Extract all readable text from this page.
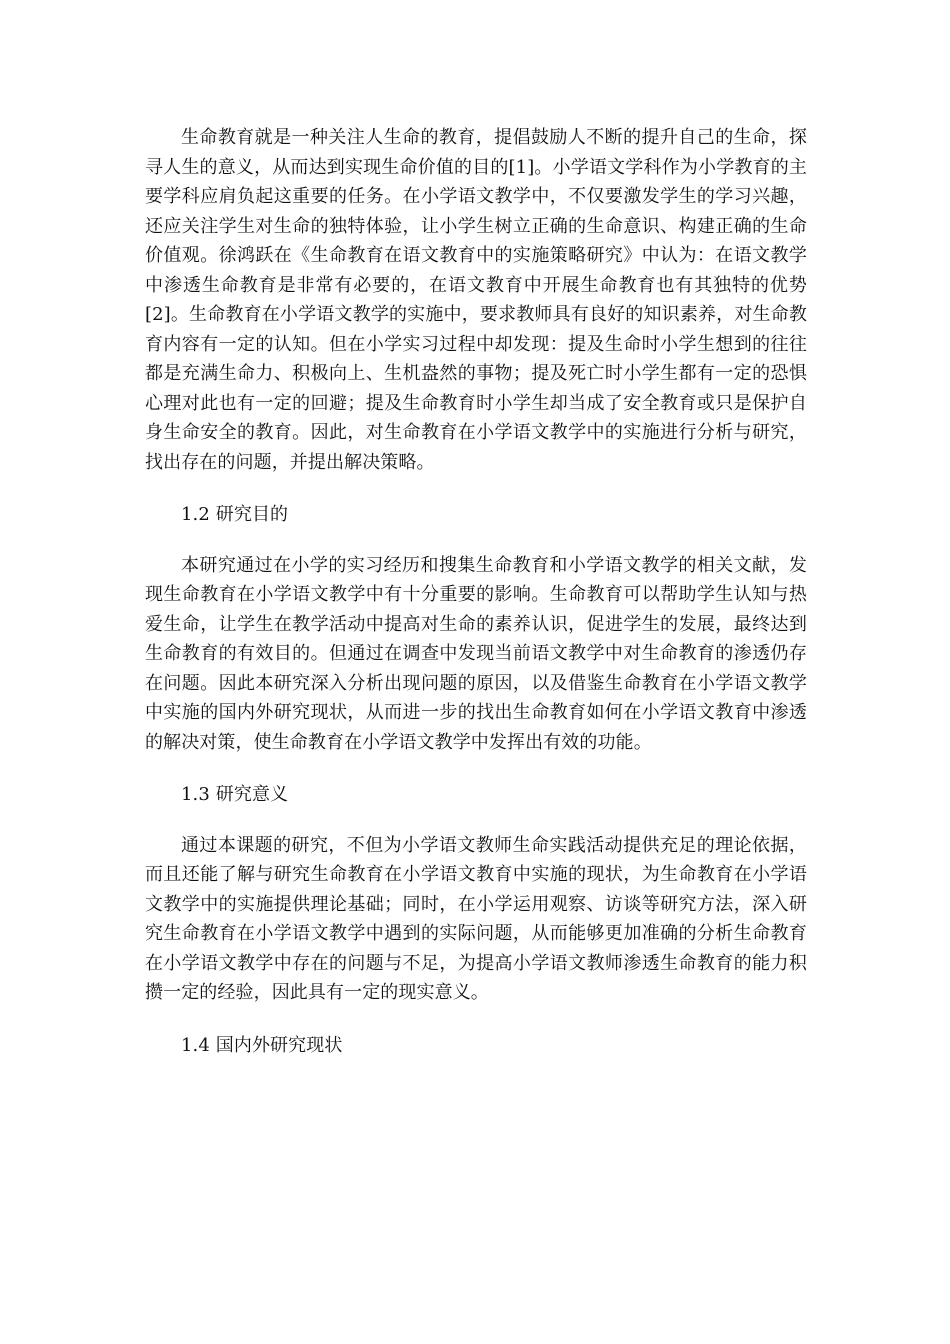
生命教育就是一种关注人生命的教育，提倡鼓励人不断的提升自己的生命，探寻人生的意义，从而达到实现生命价值的目的[1]。小学语文学科作为小学教育的主要学科应肩负起这重要的任务。在小学语文教学中，不仅要激发学生的学习兴趣，还应关注学生对生命的独特体验，让小学生树立正确的生命意识、构建正确的生命价值观。徐鸿跃在《生命教育在语文教育中的实施策略研究》中认为：在语文教学中渗透生命教育是非常有必要的，在语文教育中开展生命教育也有其独特的优势[2]。生命教育在小学语文教学的实施中，要求教师具有良好的知识素养，对生命教育内容有一定的认知。但在小学实习过程中却发现：提及生命时小学生想到的往往都是充满生命力、积极向上、生机盎然的事物；提及死亡时小学生都有一定的恐惧心理对此也有一定的回避；提及生命教育时小学生却当成了安全教育或只是保护自身生命安全的教育。因此，对生命教育在小学语文教学中的实施进行分析与研究，找出存在的问题，并提出解决策略。

1.2 研究目的

本研究通过在小学的实习经历和搜集生命教育和小学语文教学的相关文献，发现生命教育在小学语文教学中有十分重要的影响。生命教育可以帮助学生认知与热爱生命，让学生在教学活动中提高对生命的素养认识，促进学生的发展，最终达到生命教育的有效目的。但通过在调查中发现当前语文教学中对生命教育的渗透仍存在问题。因此本研究深入分析出现问题的原因，以及借鉴生命教育在小学语文教学中实施的国内外研究现状，从而进一步的找出生命教育如何在小学语文教育中渗透的解决对策，使生命教育在小学语文教学中发挥出有效的功能。

1.3 研究意义

通过本课题的研究，不但为小学语文教师生命实践活动提供充足的理论依据，而且还能了解与研究生命教育在小学语文教育中实施的现状，为生命教育在小学语文教学中的实施提供理论基础；同时，在小学运用观察、访谈等研究方法，深入研究生命教育在小学语文教学中遇到的实际问题，从而能够更加准确的分析生命教育在小学语文教学中存在的问题与不足，为提高小学语文教师渗透生命教育的能力积攒一定的经验，因此具有一定的现实意义。

1.4 国内外研究现状
